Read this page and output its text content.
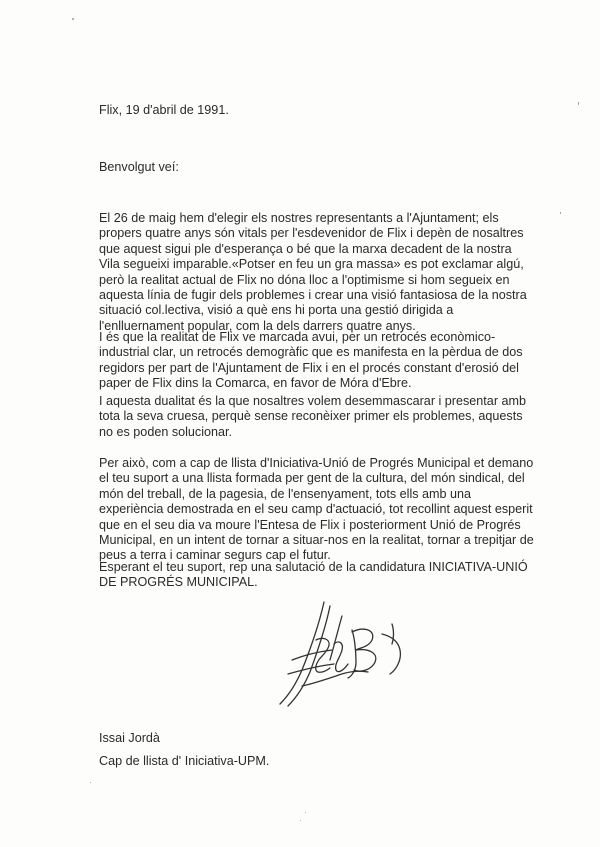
Flix, 19 d'abril de 1991.

Benvolgut veí:

El 26 de maig hem d'elegir els nostres representants a l'Ajuntament; els
propers quatre anys són vitals per l'esdevenidor de Flix i depèn de nosaltres
que aquest sigui ple d'esperança o bé que la marxa decadent de la nostra
Vila segueixi imparable.«Potser en feu un gra massa» es pot exclamar algú,
però la realitat actual de Flix no dóna lloc a l'optimisme si hom segueix en
aquesta línia de fugir dels problemes i crear una visió fantasiosa de la nostra
situació col.lectiva, visió a què ens hi porta una gestió dirigida a
l'enlluernament popular, com la dels darrers quatre anys.

I és que la realitat de Flix ve marcada avui, per un retrocés econòmico-
industrial clar, un retrocés demogràfic que es manifesta en la pèrdua de dos
regidors per part de l'Ajuntament de Flix i en el procés constant d'erosió del
paper de Flix dins la Comarca, en favor de Móra d'Ebre.

I aquesta dualitat és la que nosaltres volem desemmascarar i presentar amb
tota la seva cruesa, perquè sense reconèixer primer els problemes, aquests
no es poden solucionar.

Per això, com a cap de llista d'Iniciativa-Unió de Progrés Municipal et demano
el teu suport a una llista formada per gent de la cultura, del món sindical, del
món del treball, de la pagesia, de l'ensenyament, tots ells amb una
experiència demostrada en el seu camp d'actuació, tot recollint aquest esperit
que en el seu dia va moure l'Entesa de Flix i posteriorment Unió de Progrés
Municipal, en un intent de tornar a situar-nos en la realitat, tornar a trepitjar de
peus a terra i caminar segurs cap el futur.

Esperant el teu suport, rep una salutació de la candidatura INICIATIVA-UNIÓ
DE PROGRÉS MUNICIPAL.

Issai Jordà

Cap de llista d' Iniciativa-UPM.
